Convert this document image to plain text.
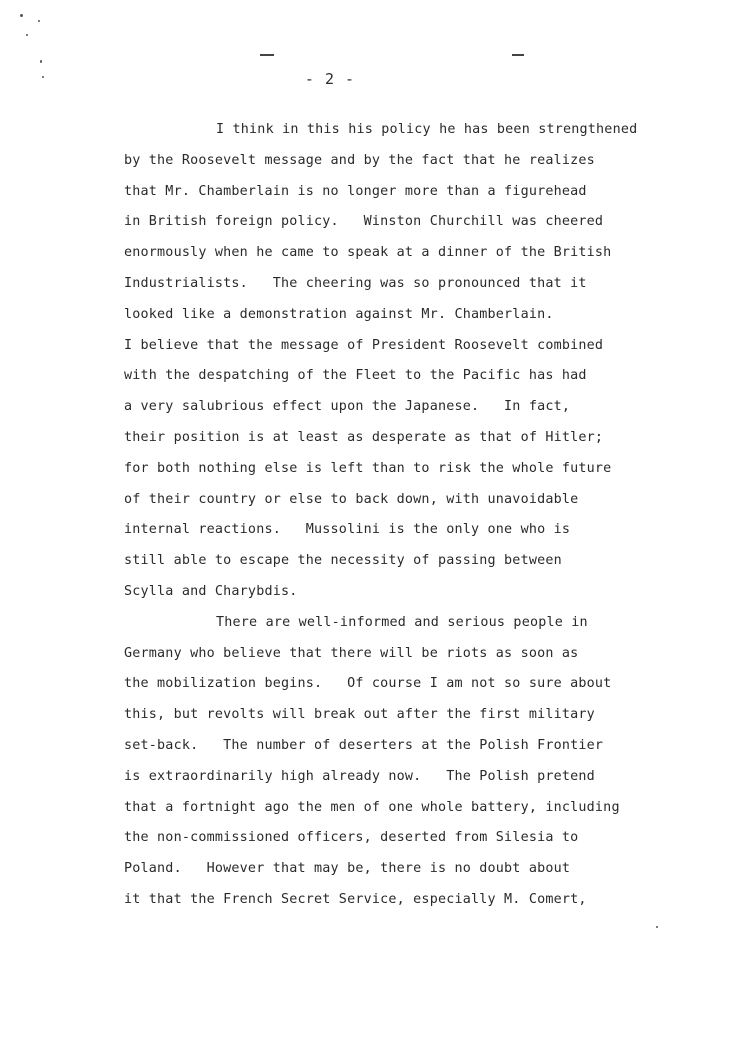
- 2 -
I think in this his policy he has been strengthened
by the Roosevelt message and by the fact that he realizes
that Mr. Chamberlain is no longer more than a figurehead
in British foreign policy.   Winston Churchill was cheered
enormously when he came to speak at a dinner of the British
Industrialists.   The cheering was so pronounced that it
looked like a demonstration against Mr. Chamberlain.
I believe that the message of President Roosevelt combined
with the despatching of the Fleet to the Pacific has had
a very salubrious effect upon the Japanese.   In fact,
their position is at least as desperate as that of Hitler;
for both nothing else is left than to risk the whole future
of their country or else to back down, with unavoidable
internal reactions.   Mussolini is the only one who is
still able to escape the necessity of passing between
Scylla and Charybdis.
There are well-informed and serious people in
Germany who believe that there will be riots as soon as
the mobilization begins.   Of course I am not so sure about
this, but revolts will break out after the first military
set-back.   The number of deserters at the Polish Frontier
is extraordinarily high already now.   The Polish pretend
that a fortnight ago the men of one whole battery, including
the non-commissioned officers, deserted from Silesia to
Poland.   However that may be, there is no doubt about
it that the French Secret Service, especially M. Comert,
